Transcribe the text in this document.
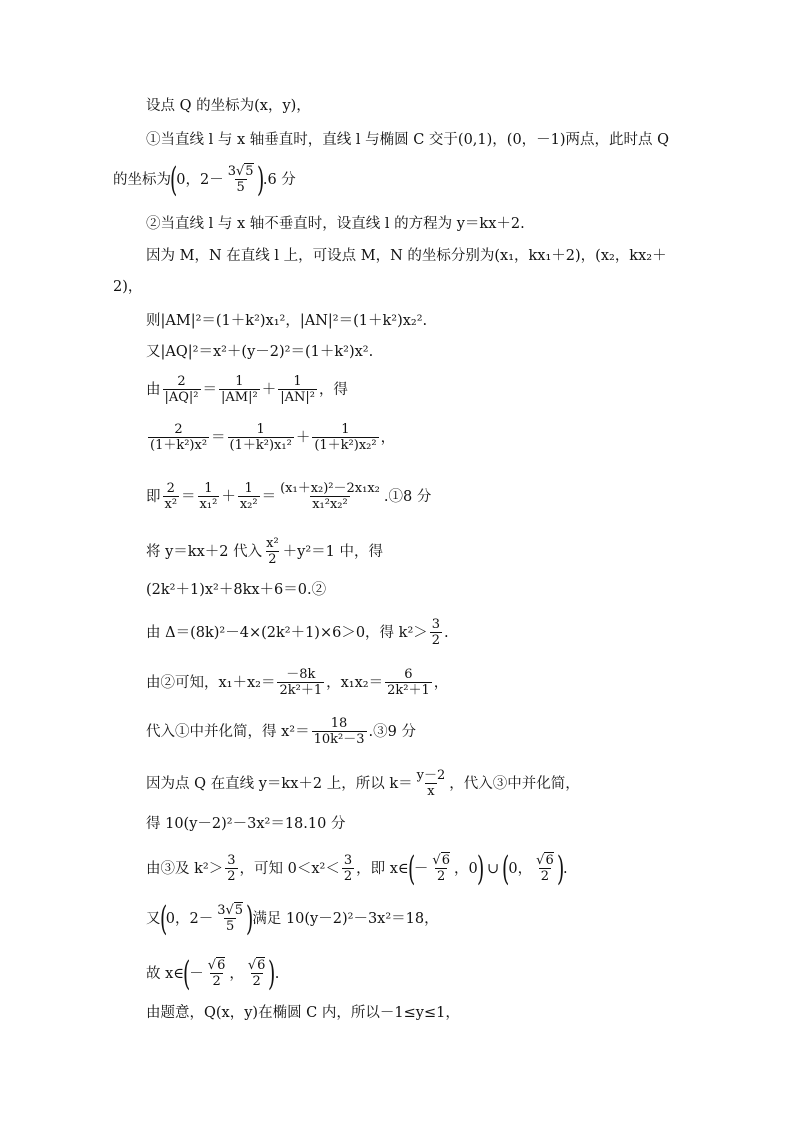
设点 Q 的坐标为(x，y)，
①当直线 l 与 x 轴垂直时，直线 l 与椭圆 C 交于(0,1)，(0，－1)两点，此时点 Q
的坐标为
(
0，$2- \frac{3√5}{5}$ )
.6 分
②当直线 l 与 x 轴不垂直时，设直线 l 的方程为 y＝kx＋2.
因为 M，N 在直线 l 上，可设点 M，N 的坐标分别为(x₁，kx₁＋2)，(x₂，kx₂＋
2)，
则|AM|²＝(1＋k²)x₁²，|AN|²＝(1＋k²)x₂².
又|AQ|²＝x²＋(y－2)²＝(1＋k²)x².
由 $\frac{2}{\text{|AQ|²}} = \frac{1}{\text{|AM|²}} + \frac{1}{\text{|AN|²}}$ ，得
$\frac{2}{\text{(1＋k²)x²}} = \frac{1}{\text{(1＋k²)x₁²}} + \frac{1}{\text{(1＋k²)x₂²}}$ ，
即 $\frac{2}{\text{x²}} = \frac{1}{\text{x₁²}} + \frac{1}{\text{x₂²}} = \frac{\text{(x₁＋x₂)²－2x₁x₂}}{\text{x₁²x₂²}}$ .①8 分
将 y＝kx＋2 代入 $\frac{\text{x²}}{2} +y^2=1$ 中，得
(2k²＋1)x²＋8kx＋6＝0.②
由 Δ＝(8k)²－4×(2k²＋1)×6＞0，得 $k^2> \frac{3}{2}$ .
由②可知，$x_1+x_2= \frac{-8k}{\text{2k²＋1}}$ ，$x_1x_2= \frac{6}{\text{2k²＋1}}$ ，
代入①中并化简，得 $x^2= \frac{18}{\text{10k²－3}}$ .③9 分
因为点 Q 在直线 y＝kx＋2 上，所以 $k= \frac{y-2}{x}$ ，代入③中并化简，
得 10(y－2)²－3x²＝18.10 分
由③及 $k^2> \frac{3}{2}$ ，可知 $0<x^2< \frac{3}{2}$ ，即 x∈
(
－ $\frac{√6}{2}$ ， 0
) ∪ (
0， $\frac{√6}{2}$ )
.
又
(
0，$2- \frac{3√5}{5}$ )
满足 10(y－2)²－3x²＝18，
故 x∈
(
－ $\frac{√6}{2}$ ， $\frac{√6}{2}$ )
.
由题意，Q(x，y)在椭圆 C 内，所以－1≤y≤1，
